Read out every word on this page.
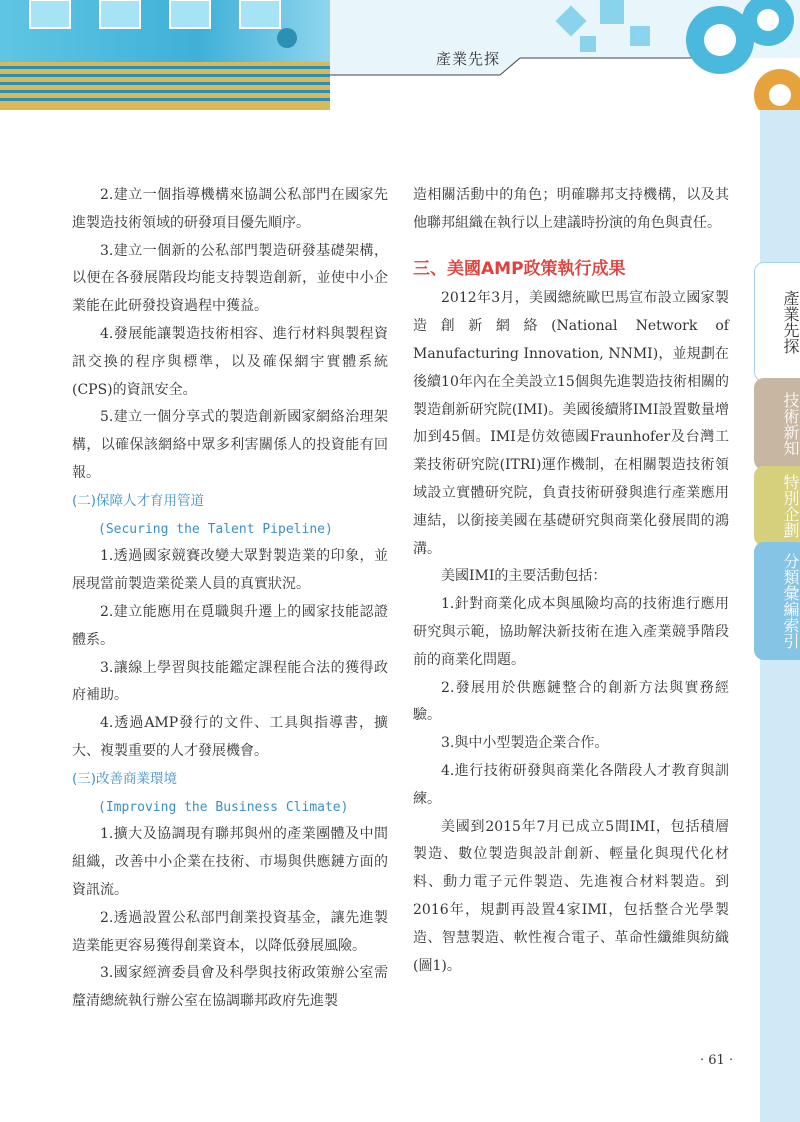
產業先探
產業先探
技術新知
特別企劃
分類彙編索引

2.建立一個指導機構來協調公私部門在國家先進製造技術領域的研發項目優先順序。

3.建立一個新的公私部門製造研發基礎架構，以便在各發展階段均能支持製造創新，並使中小企業能在此研發投資過程中獲益。

4.發展能讓製造技術相容、進行材料與製程資訊交換的程序與標準，以及確保網宇實體系統(CPS)的資訊安全。

5.建立一個分享式的製造創新國家網絡治理架構，以確保該網絡中眾多利害關係人的投資能有回報。

(二)保障人才育用管道

(Securing the Talent Pipeline)

1.透過國家競賽改變大眾對製造業的印象，並展現當前製造業從業人員的真實狀況。

2.建立能應用在覓職與升遷上的國家技能認證體系。

3.讓線上學習與技能鑑定課程能合法的獲得政府補助。

4.透過AMP發行的文件、工具與指導書，擴大、複製重要的人才發展機會。

(三)改善商業環境

(Improving the Business Climate)

1.擴大及協調現有聯邦與州的產業團體及中間組織，改善中小企業在技術、市場與供應鏈方面的資訊流。

2.透過設置公私部門創業投資基金，讓先進製造業能更容易獲得創業資本，以降低發展風險。

3.國家經濟委員會及科學與技術政策辦公室需釐清總統執行辦公室在協調聯邦政府先進製

造相關活動中的角色；明確聯邦支持機構，以及其他聯邦組織在執行以上建議時扮演的角色與責任。

三、美國AMP政策執行成果

2012年3月，美國總統歐巴馬宣布設立國家製造創新網絡(National Network of Manufacturing Innovation, NNMI)，並規劃在後續10年內在全美設立15個與先進製造技術相關的製造創新研究院(IMI)。美國後續將IMI設置數量增加到45個。IMI是仿效德國Fraunhofer及台灣工業技術研究院(ITRI)運作機制，在相關製造技術領域設立實體研究院，負責技術研發與進行產業應用連結，以銜接美國在基礎研究與商業化發展間的鴻溝。

美國IMI的主要活動包括：

1.針對商業化成本與風險均高的技術進行應用研究與示範，協助解決新技術在進入產業競爭階段前的商業化問題。

2.發展用於供應鏈整合的創新方法與實務經驗。

3.與中小型製造企業合作。

4.進行技術研發與商業化各階段人才教育與訓練。

美國到2015年7月已成立5間IMI，包括積層製造、數位製造與設計創新、輕量化與現代化材料、動力電子元件製造、先進複合材料製造。到2016年，規劃再設置4家IMI，包括整合光學製造、智慧製造、軟性複合電子、革命性纖維與紡織(圖1)。

‧ 61 ‧
